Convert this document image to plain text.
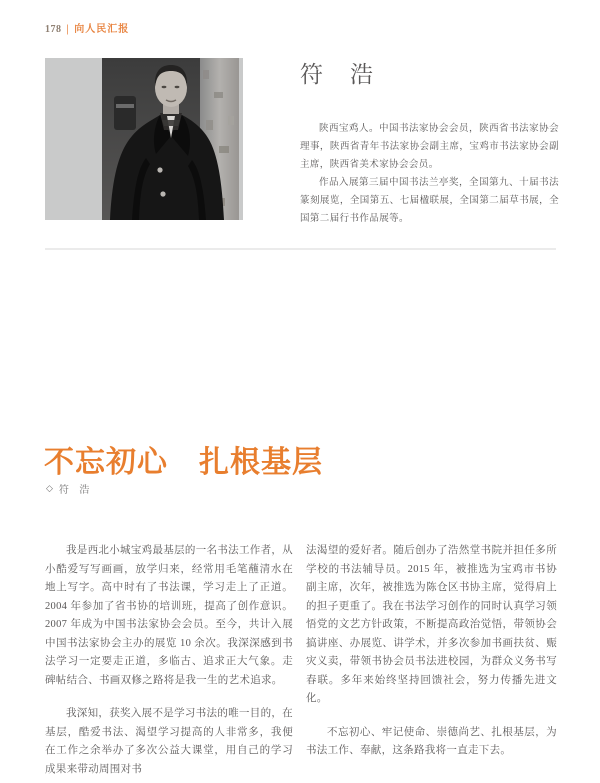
178 | 向人民汇报
符　浩

陕西宝鸡人。中国书法家协会会员，陕西省书法家协会理事，陕西省青年书法家协会副主席，宝鸡市书法家协会副主席，陕西省美术家协会会员。

作品入展第三届中国书法兰亭奖，全国第九、十届书法篆刻展览，全国第五、七届楹联展，全国第二届草书展，全国第二届行书作品展等。

不忘初心　扎根基层
◇ 符 浩

我是西北小城宝鸡最基层的一名书法工作者，从小酷爱写写画画，放学归来，经常用毛笔蘸清水在地上写字。高中时有了书法课，学习走上了正道。2004 年参加了省书协的培训班，提高了创作意识。2007 年成为中国书法家协会会员。至今，共计入展中国书法家协会主办的展览 10 余次。我深深感到书法学习一定要走正道，多临古、追求正大气象。走碑帖结合、书画双修之路将是我一生的艺术追求。

我深知，获奖入展不是学习书法的唯一目的，在基层，酷爱书法、渴望学习提高的人非常多，我便在工作之余举办了多次公益大课堂，用自己的学习成果来带动周围对书

法渴望的爱好者。随后创办了浩然堂书院并担任多所学校的书法辅导员。2015 年，被推选为宝鸡市书协副主席，次年，被推选为陈仓区书协主席，觉得肩上的担子更重了。我在书法学习创作的同时认真学习领悟党的文艺方针政策，不断提高政治觉悟，带领协会搞讲座、办展览、讲学术，并多次参加书画扶贫、赈灾义卖，带领书协会员书法进校园，为群众义务书写春联。多年来始终坚持回馈社会，努力传播先进文化。

不忘初心、牢记使命、崇德尚艺、扎根基层，为书法工作、奉献，这条路我将一直走下去。
